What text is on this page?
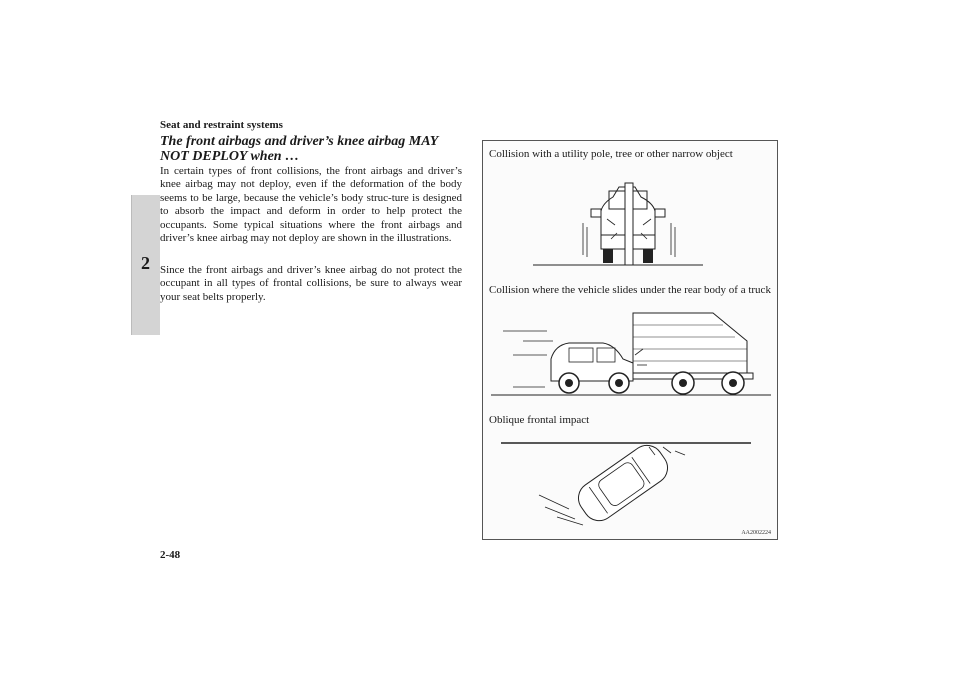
Seat and restraint systems
2
The front airbags and driver’s knee airbag MAY NOT DEPLOY when …

In certain types of front collisions, the front airbags and driver’s knee airbag may not deploy, even if the deformation of the body seems to be large, because the vehicle’s body struc-ture is designed to absorb the impact and deform in order to help protect the occupants. Some typical situations where the front airbags and driver’s knee airbag may not deploy are shown in the illustrations.

Since the front airbags and driver’s knee airbag do not protect the occupant in all types of frontal collisions, be sure to always wear your seat belts properly.

Collision with a utility pole, tree or other narrow object

Collision where the vehicle slides under the rear body of a truck

Oblique frontal impact

AA2002224
2-48
